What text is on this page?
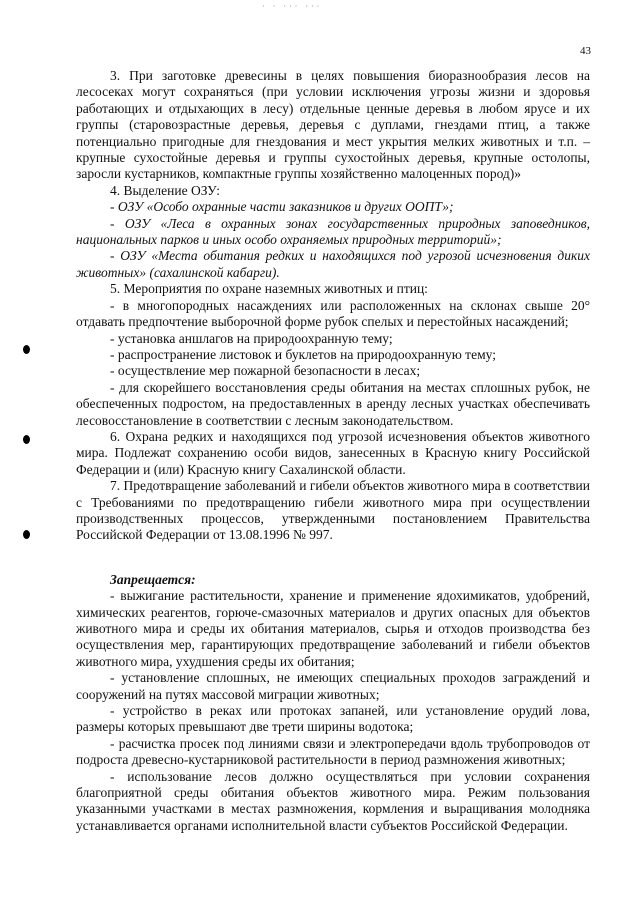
· · ··· ···
43

3. При заготовке древесины в целях повышения биоразнообразия лесов на лесосеках могут сохраняться (при условии исключения угрозы жизни и здоровья работающих и отдыхающих в лесу) отдельные ценные деревья в любом ярусе и их группы (старовозрастные деревья, деревья с дуплами, гнездами птиц, а также потенциально пригодные для гнездования и мест укрытия мелких животных и т.п. – крупные сухостойные деревья и группы сухостойных деревья, крупные остолопы, заросли кустарников, компактные группы хозяйственно малоценных пород)»

4. Выделение ОЗУ:

- ОЗУ «Особо охранные части заказников и других ООПТ»;

- ОЗУ «Леса в охранных зонах государственных природных заповедников, национальных парков и иных особо охраняемых природных территорий»;

- ОЗУ «Места обитания редких и находящихся под угрозой исчезновения диких животных» (сахалинской кабарги).

5. Мероприятия по охране наземных животных и птиц:

- в многопородных насаждениях или расположенных на склонах свыше 20° отдавать предпочтение выборочной форме рубок спелых и перестойных насаждений;

- установка аншлагов на природоохранную тему;

- распространение листовок и буклетов на природоохранную тему;

- осуществление мер пожарной безопасности в лесах;

- для скорейшего восстановления среды обитания на местах сплошных рубок, не обеспеченных подростом, на предоставленных в аренду лесных участках обеспечивать лесовосстановление в соответствии с лесным законодательством.

6. Охрана редких и находящихся под угрозой исчезновения объектов животного мира. Подлежат сохранению особи видов, занесенных в Красную книгу Российской Федерации и (или) Красную книгу Сахалинской области.

7. Предотвращение заболеваний и гибели объектов животного мира в соответствии с Требованиями по предотвращению гибели животного мира при осуществлении производственных процессов, утвержденными постановлением Правительства Российской Федерации от 13.08.1996 № 997.

Запрещается:

- выжигание растительности, хранение и применение ядохимикатов, удобрений, химических реагентов, горюче-смазочных материалов и других опасных для объектов животного мира и среды их обитания материалов, сырья и отходов производства без осуществления мер, гарантирующих предотвращение заболеваний и гибели объектов животного мира, ухудшения среды их обитания;

- установление сплошных, не имеющих специальных проходов заграждений и сооружений на путях массовой миграции животных;

- устройство в реках или протоках запаней, или установление орудий лова, размеры которых превышают две трети ширины водотока;

- расчистка просек под линиями связи и электропередачи вдоль трубопроводов от подроста древесно-кустарниковой растительности в период размножения животных;

- использование лесов должно осуществляться при условии сохранения благоприятной среды обитания объектов животного мира. Режим пользования указанными участками в местах размножения, кормления и выращивания молодняка устанавливается органами исполнительной власти субъектов Российской Федерации.
